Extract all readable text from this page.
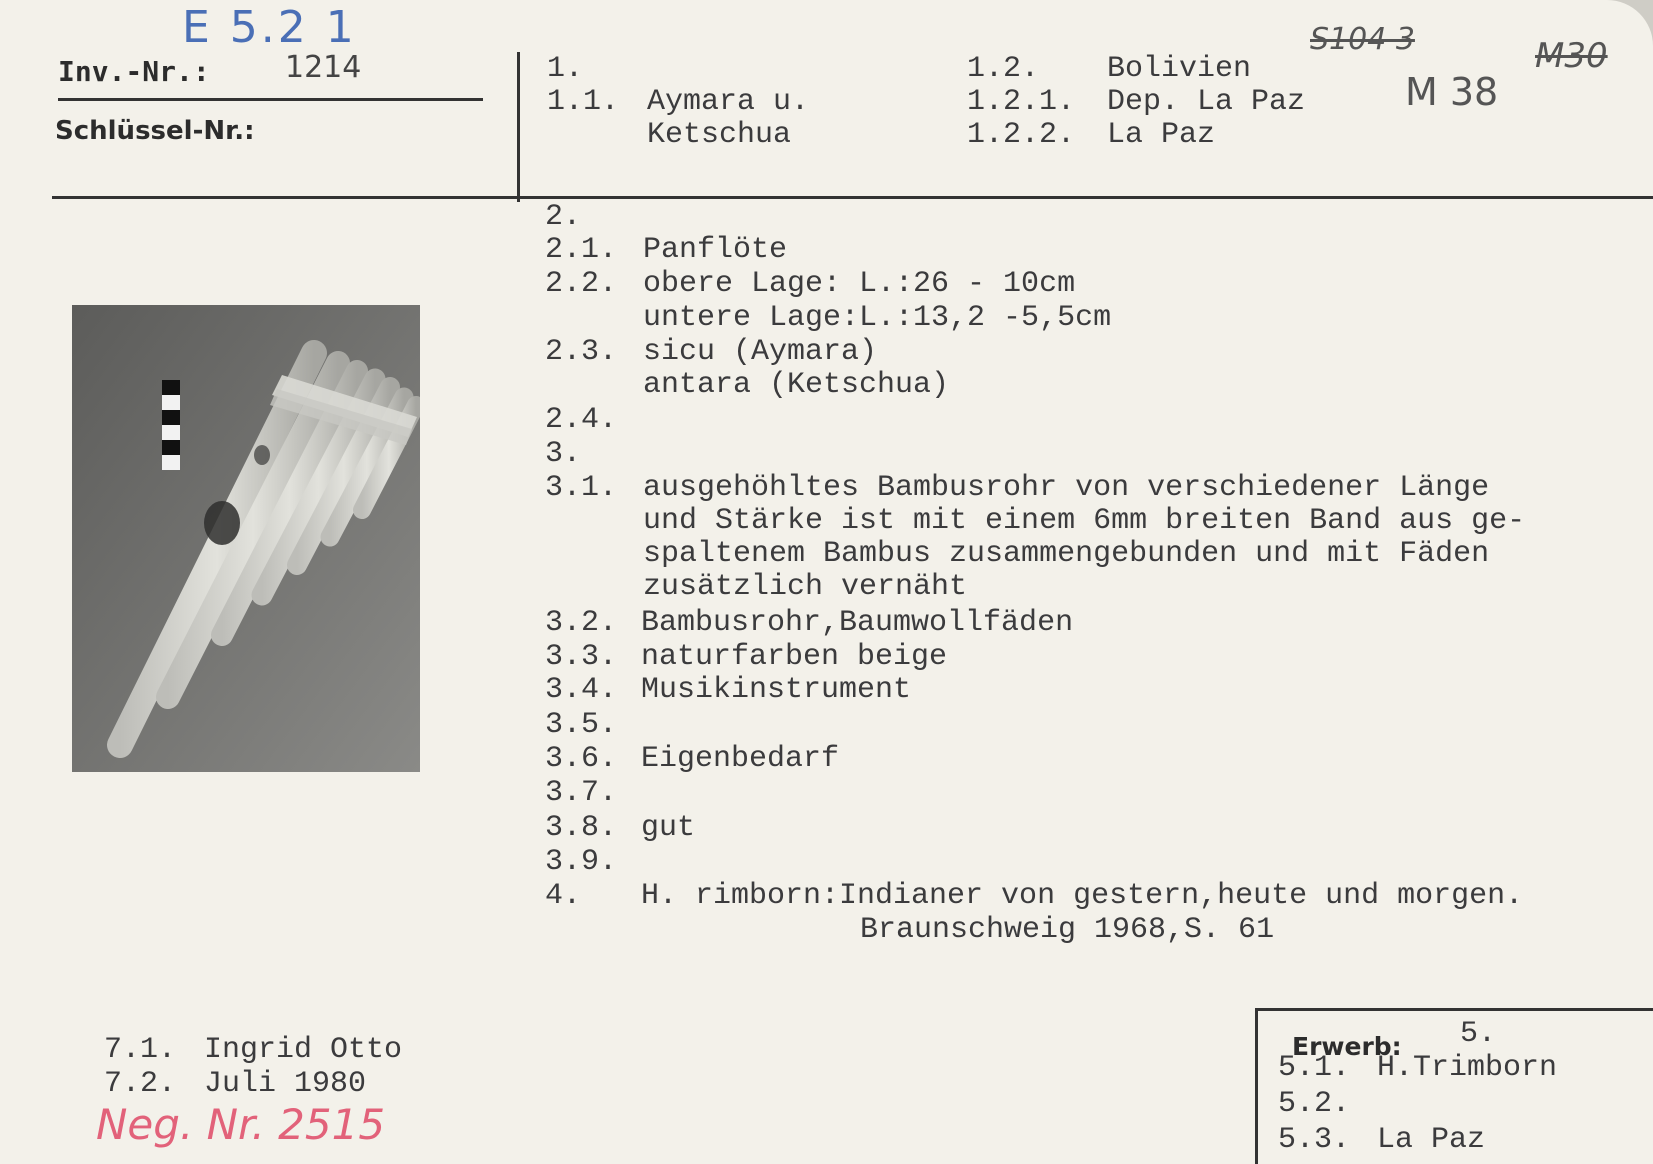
E 5.2 1	S104 3
M 38
M30
Inv.-Nr.:	1214
Schlüssel-Nr.:
1.
1.1. Aymara u.
Ketschua
1.2. Bolivien
1.2.1. Dep. La Paz
1.2.2. La Paz
2.
2.1. Panflöte
2.2. obere Lage: L.:26 - 10cm
untere Lage:L.:13,2 -5,5cm
2.3. sicu (Aymara)
antara (Ketschua)
2.4.
3.
3.1. ausgehöhltes Bambusrohr von verschiedener Länge
und Stärke ist mit einem 6mm breiten Band aus ge-
spaltenem Bambus zusammengebunden und mit Fäden
zusätzlich vernäht
3.2. Bambusrohr,Baumwollfäden
3.3. naturfarben beige
3.4. Musikinstrument
3.5.
3.6. Eigenbedarf
3.7.
3.8. gut
3.9.
4. H. rimborn:Indianer von gestern,heute und morgen.
Braunschweig 1968,S. 61
7.1. Ingrid Otto
7.2. Juli 1980
Neg. Nr. 2515
Erwerb: 5.
5.1. H.Trimborn
5.2.
5.3. La Paz
